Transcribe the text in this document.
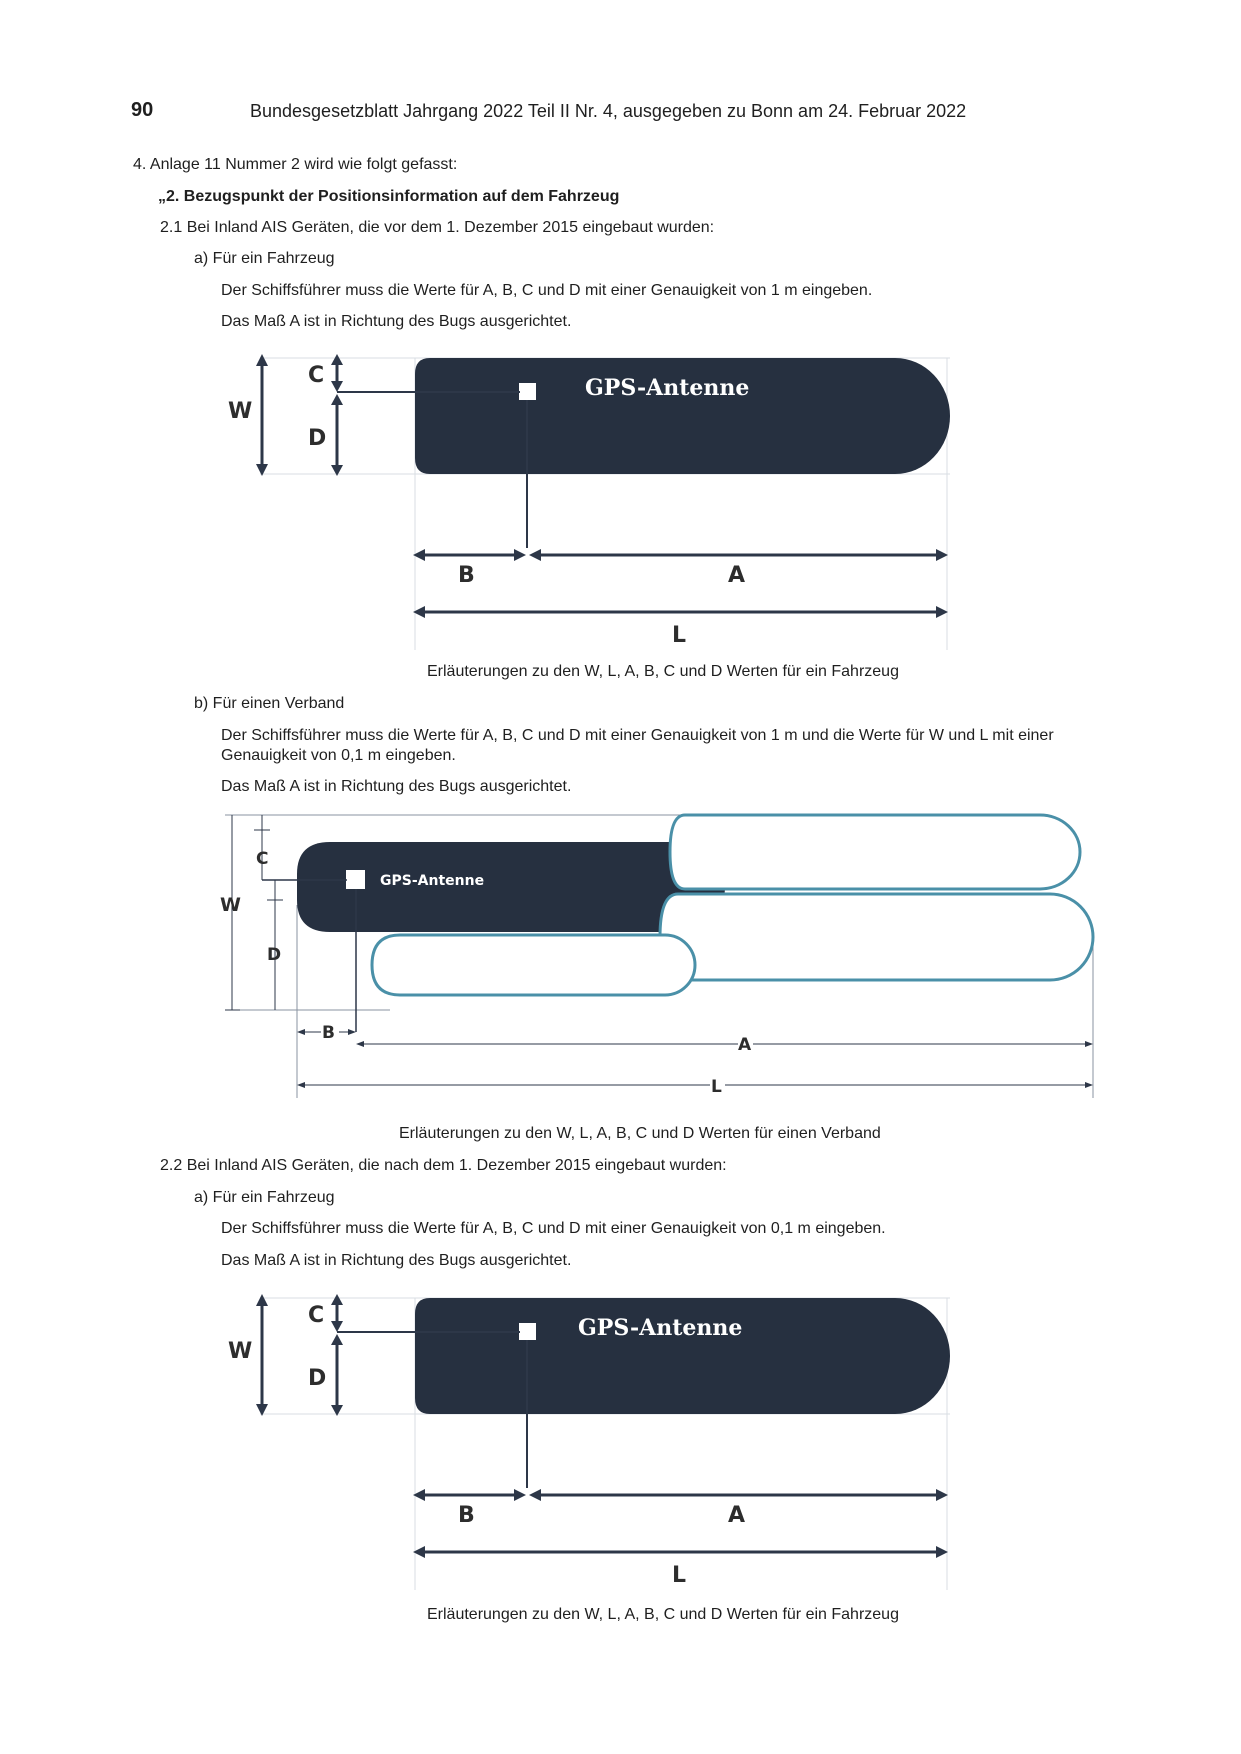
90	Bundesgesetzblatt Jahrgang 2022 Teil II Nr. 4, ausgegeben zu Bonn am 24. Februar 2022
4. Anlage 11 Nummer 2 wird wie folgt gefasst:
„2. Bezugspunkt der Positionsinformation auf dem Fahrzeug
2.1 Bei Inland AIS Geräten, die vor dem 1. Dezember 2015 eingebaut wurden:
a) Für ein Fahrzeug
Der Schiffsführer muss die Werte für A, B, C und D mit einer Genauigkeit von 1 m eingeben.
Das Maß A ist in Richtung des Bugs ausgerichtet.
GPS-Antenne
W
C
D
B	A
L
Erläuterungen zu den W, L, A, B, C und D Werten für ein Fahrzeug
b) Für einen Verband
Der Schiffsführer muss die Werte für A, B, C und D mit einer Genauigkeit von 1 m und die Werte für W und L mit einer
Genauigkeit von 0,1 m eingeben.
Das Maß A ist in Richtung des Bugs ausgerichtet.
GPS-Antenne
W
C
D
B
A
L
Erläuterungen zu den W, L, A, B, C und D Werten für einen Verband
2.2 Bei Inland AIS Geräten, die nach dem 1. Dezember 2015 eingebaut wurden:
a) Für ein Fahrzeug
Der Schiffsführer muss die Werte für A, B, C und D mit einer Genauigkeit von 0,1 m eingeben.
Das Maß A ist in Richtung des Bugs ausgerichtet.
GPS-Antenne
W
C
D
B	A
L
Erläuterungen zu den W, L, A, B, C und D Werten für ein Fahrzeug
